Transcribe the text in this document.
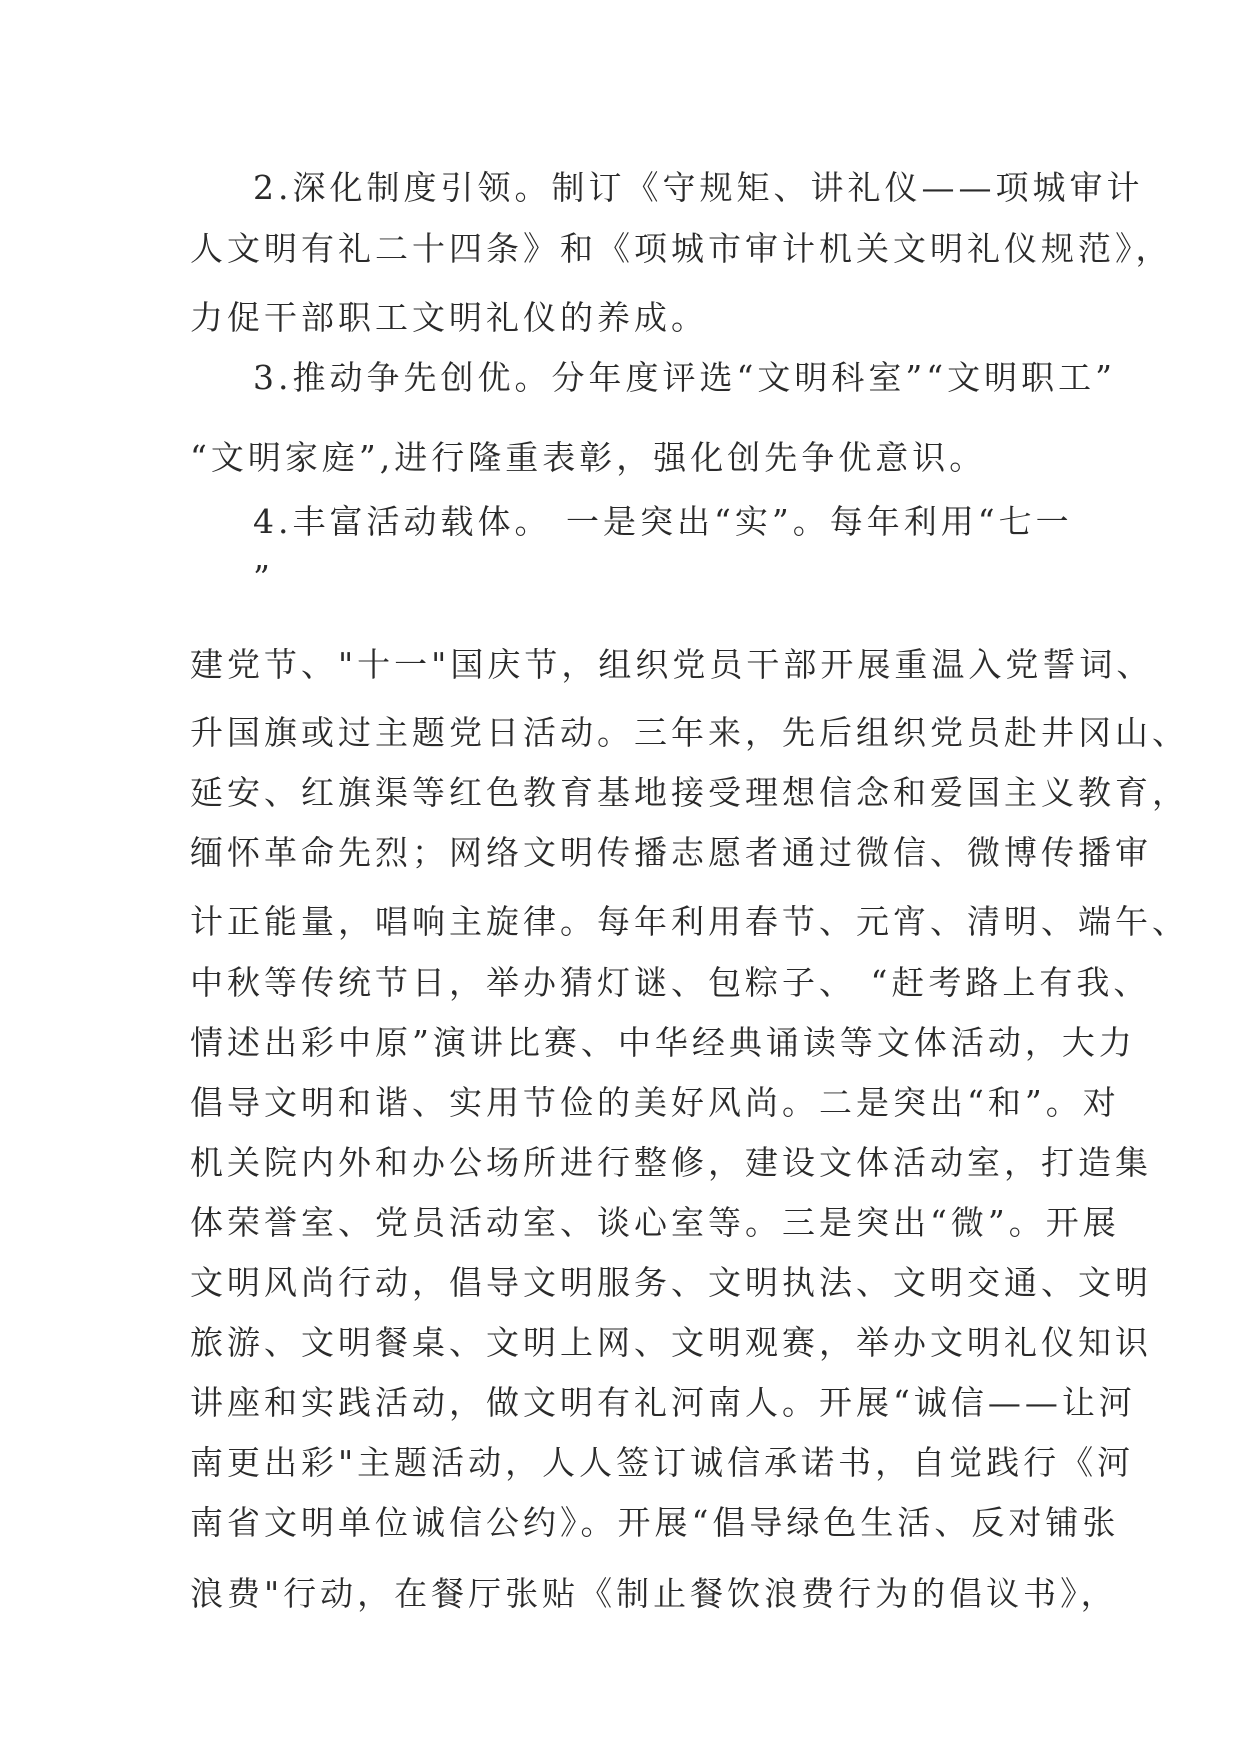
2.深化制度引领。制订《守规矩、讲礼仪——项城审计
人文明有礼二十四条》和《项城市审计机关文明礼仪规范》，
力促干部职工文明礼仪的养成。
3.推动争先创优。分年度评选“文明科室”“文明职工”
“文明家庭”,进行隆重表彰，强化创先争优意识。
4.丰富活动载体。 一是突出“实”。每年利用“七一
”
建党节、"十一"国庆节，组织党员干部开展重温入党誓词、
升国旗或过主题党日活动。三年来，先后组织党员赴井冈山、
延安、红旗渠等红色教育基地接受理想信念和爱国主义教育，
缅怀革命先烈；网络文明传播志愿者通过微信、微博传播审
计正能量，唱响主旋律。每年利用春节、元宵、清明、端午、
中秋等传统节日，举办猜灯谜、包粽子、 “赶考路上有我、
情述出彩中原”演讲比赛、中华经典诵读等文体活动，大力
倡导文明和谐、实用节俭的美好风尚。二是突出“和”。对
机关院内外和办公场所进行整修，建设文体活动室，打造集
体荣誉室、党员活动室、谈心室等。三是突出“微”。开展
文明风尚行动，倡导文明服务、文明执法、文明交通、文明
旅游、文明餐桌、文明上网、文明观赛，举办文明礼仪知识
讲座和实践活动，做文明有礼河南人。开展“诚信——让河
南更出彩"主题活动，人人签订诚信承诺书，自觉践行《河
南省文明单位诚信公约》。开展“倡导绿色生活、反对铺张
浪费"行动，在餐厅张贴《制止餐饮浪费行为的倡议书》，
